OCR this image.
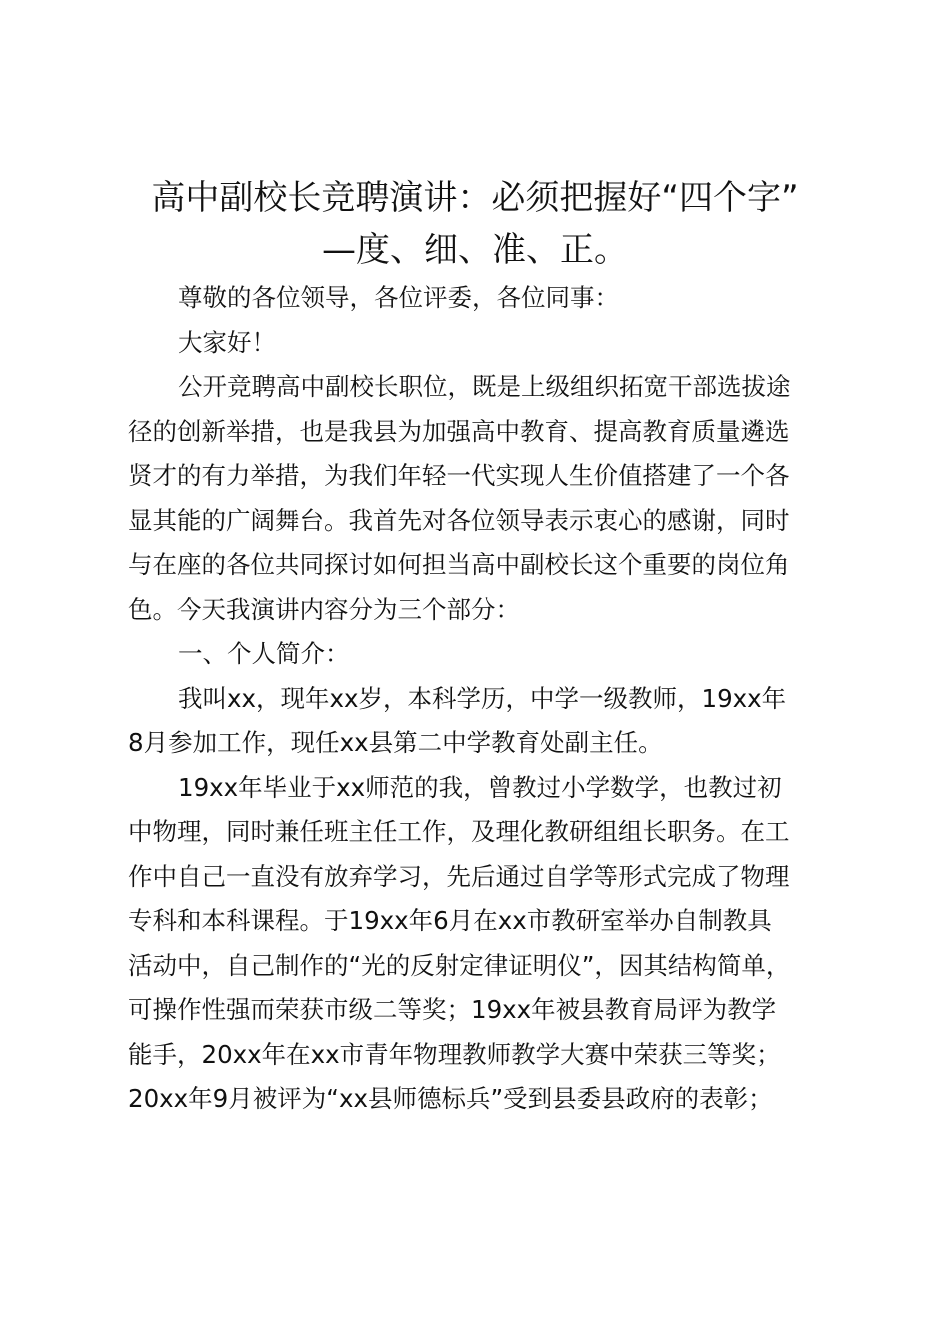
高中副校长竞聘演讲：必须把握好“四个字”
—度、细、准、正。
尊敬的各位领导，各位评委，各位同事：
大家好！
公开竞聘高中副校长职位，既是上级组织拓宽干部选拔途
径的创新举措，也是我县为加强高中教育、提高教育质量遴选
贤才的有力举措，为我们年轻一代实现人生价值搭建了一个各
显其能的广阔舞台。我首先对各位领导表示衷心的感谢，同时
与在座的各位共同探讨如何担当高中副校长这个重要的岗位角
色。今天我演讲内容分为三个部分：
一、个人简介：
我叫xx，现年xx岁，本科学历，中学一级教师，19xx年
8月参加工作，现任xx县第二中学教育处副主任。
19xx年毕业于xx师范的我，曾教过小学数学，也教过初
中物理，同时兼任班主任工作，及理化教研组组长职务。在工
作中自己一直没有放弃学习，先后通过自学等形式完成了物理
专科和本科课程。于19xx年6月在xx市教研室举办自制教具
活动中，自己制作的“光的反射定律证明仪”，因其结构简单，
可操作性强而荣获市级二等奖；19xx年被县教育局评为教学
能手，20xx年在xx市青年物理教师教学大赛中荣获三等奖；
20xx年9月被评为“xx县师德标兵”受到县委县政府的表彰；
